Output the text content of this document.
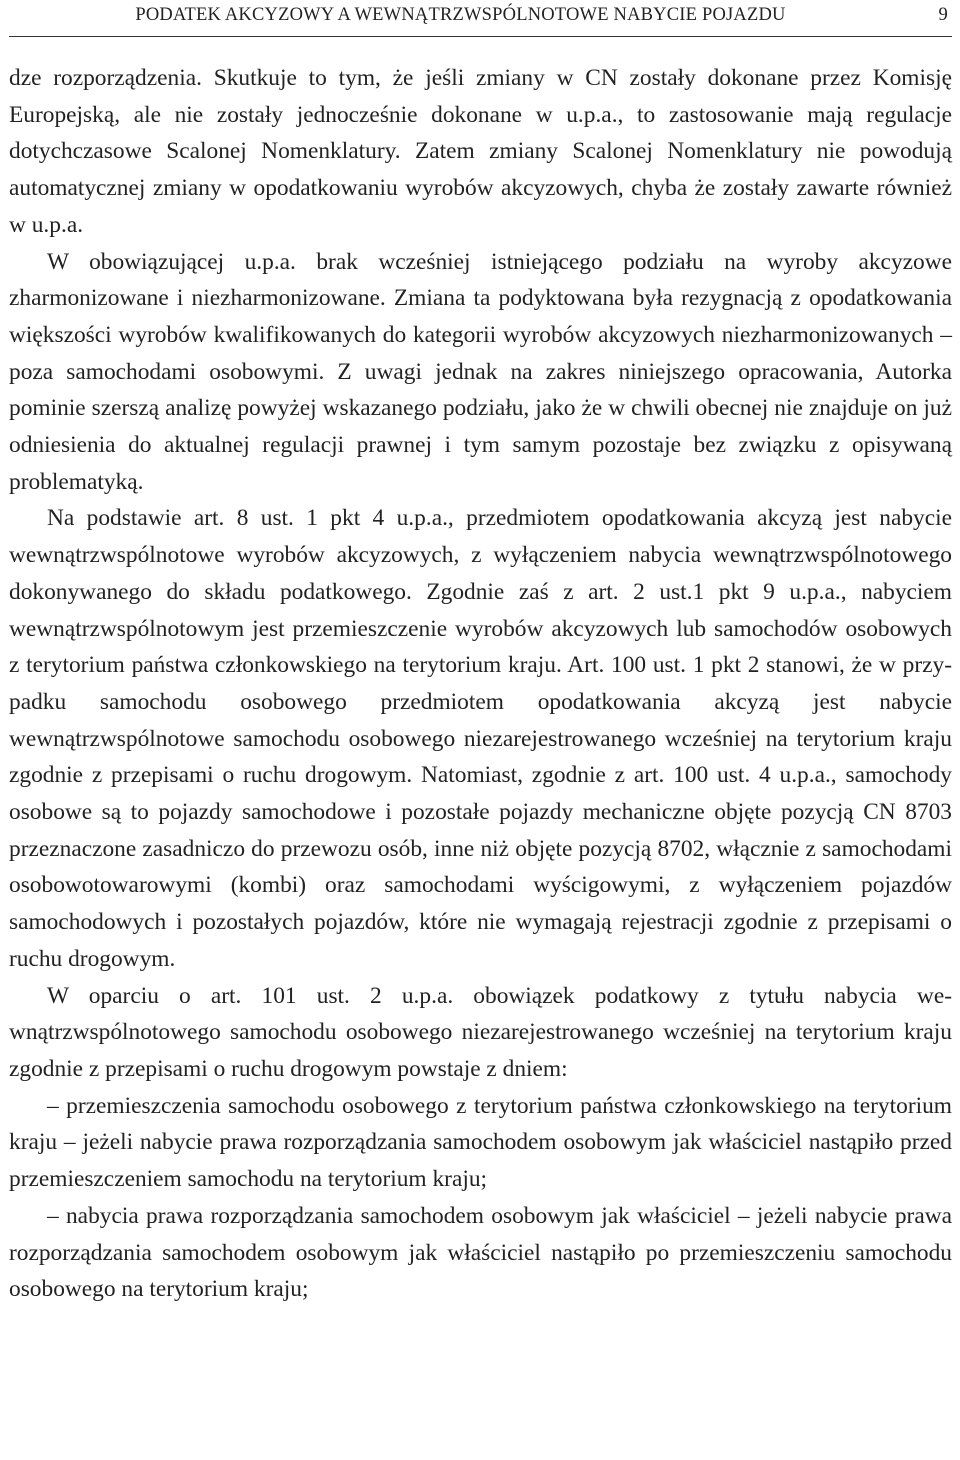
PODATEK AKCYZOWY A WEWNĄTRZWSPÓLNOTOWE NABYCIE POJAZDU	9

dze rozporządzenia. Skutkuje to tym, że jeśli zmiany w CN zostały dokonane przez Komisję Europejską, ale nie zostały jednocześnie dokonane w u.p.a., to zastosowanie mają regulacje dotychczasowe Scalonej Nomenklatury. Zatem zmiany Scalonej Nomenklatury nie powodują automatycznej zmiany w opodatkowaniu wyrobów akcyzowych, chyba że zostały zawarte również w u.p.a.

W obowiązującej u.p.a. brak wcześniej istniejącego podziału na wyroby akcyzowe zharmonizowane i niezharmonizowane. Zmiana ta podyktowana była rezygnacją z opodatkowania większości wyrobów kwalifikowanych do kategorii wyrobów akcyzowych niezharmonizowanych – poza samochodami osobowymi. Z uwagi jednak na zakres niniejszego opracowania, Autorka pominie szerszą analizę powyżej wskazanego podziału, jako że w chwili obecnej nie znajduje on już odniesienia do aktualnej regulacji prawnej i tym samym pozostaje bez związku z opisywaną problematyką.

Na podstawie art. 8 ust. 1 pkt 4 u.p.a., przedmiotem opodatkowania akcyzą jest nabycie wewnątrzwspólnotowe wyrobów akcyzowych, z wyłączeniem nabycia wewnątrzwspólnotowego dokonywanego do składu podatkowego. Zgodnie zaś z art. 2 ust.1 pkt 9 u.p.a., nabyciem wewnątrzwspólnotowym jest przemieszczenie wyrobów akcyzowych lub samochodów osobowych z terytorium państwa członkowskiego na terytorium kraju. Art. 100 ust. 1 pkt 2 stanowi, że w przypadku samochodu osobowego przedmiotem opodatkowania akcyzą jest nabycie wewnątrzwspólnotowe samochodu osobowego niezarejestrowanego wcześniej na terytorium kraju zgodnie z przepisami o ruchu drogowym. Natomiast, zgodnie z art. 100 ust. 4 u.p.a., samochody osobowe są to pojazdy samochodowe i pozostałe pojazdy mechaniczne objęte pozycją CN 8703 przeznaczone zasadniczo do przewozu osób, inne niż objęte pozycją 8702, włącznie z samochodami osobowotowarowymi (kombi) oraz samochodami wyścigowymi, z wyłączeniem pojazdów samochodowych i pozostałych pojazdów, które nie wymagają rejestracji zgodnie z przepisami o ruchu drogowym.

W oparciu o art. 101 ust. 2 u.p.a. obowiązek podatkowy z tytułu nabycia wewnątrzwspólnotowego samochodu osobowego niezarejestrowanego wcześniej na terytorium kraju zgodnie z przepisami o ruchu drogowym powstaje z dniem:

– przemieszczenia samochodu osobowego z terytorium państwa członkowskiego na terytorium kraju – jeżeli nabycie prawa rozporządzania samochodem osobowym jak właściciel nastąpiło przed przemieszczeniem samochodu na terytorium kraju;

– nabycia prawa rozporządzania samochodem osobowym jak właściciel – jeżeli nabycie prawa rozporządzania samochodem osobowym jak właściciel nastąpiło po przemieszczeniu samochodu osobowego na terytorium kraju;
